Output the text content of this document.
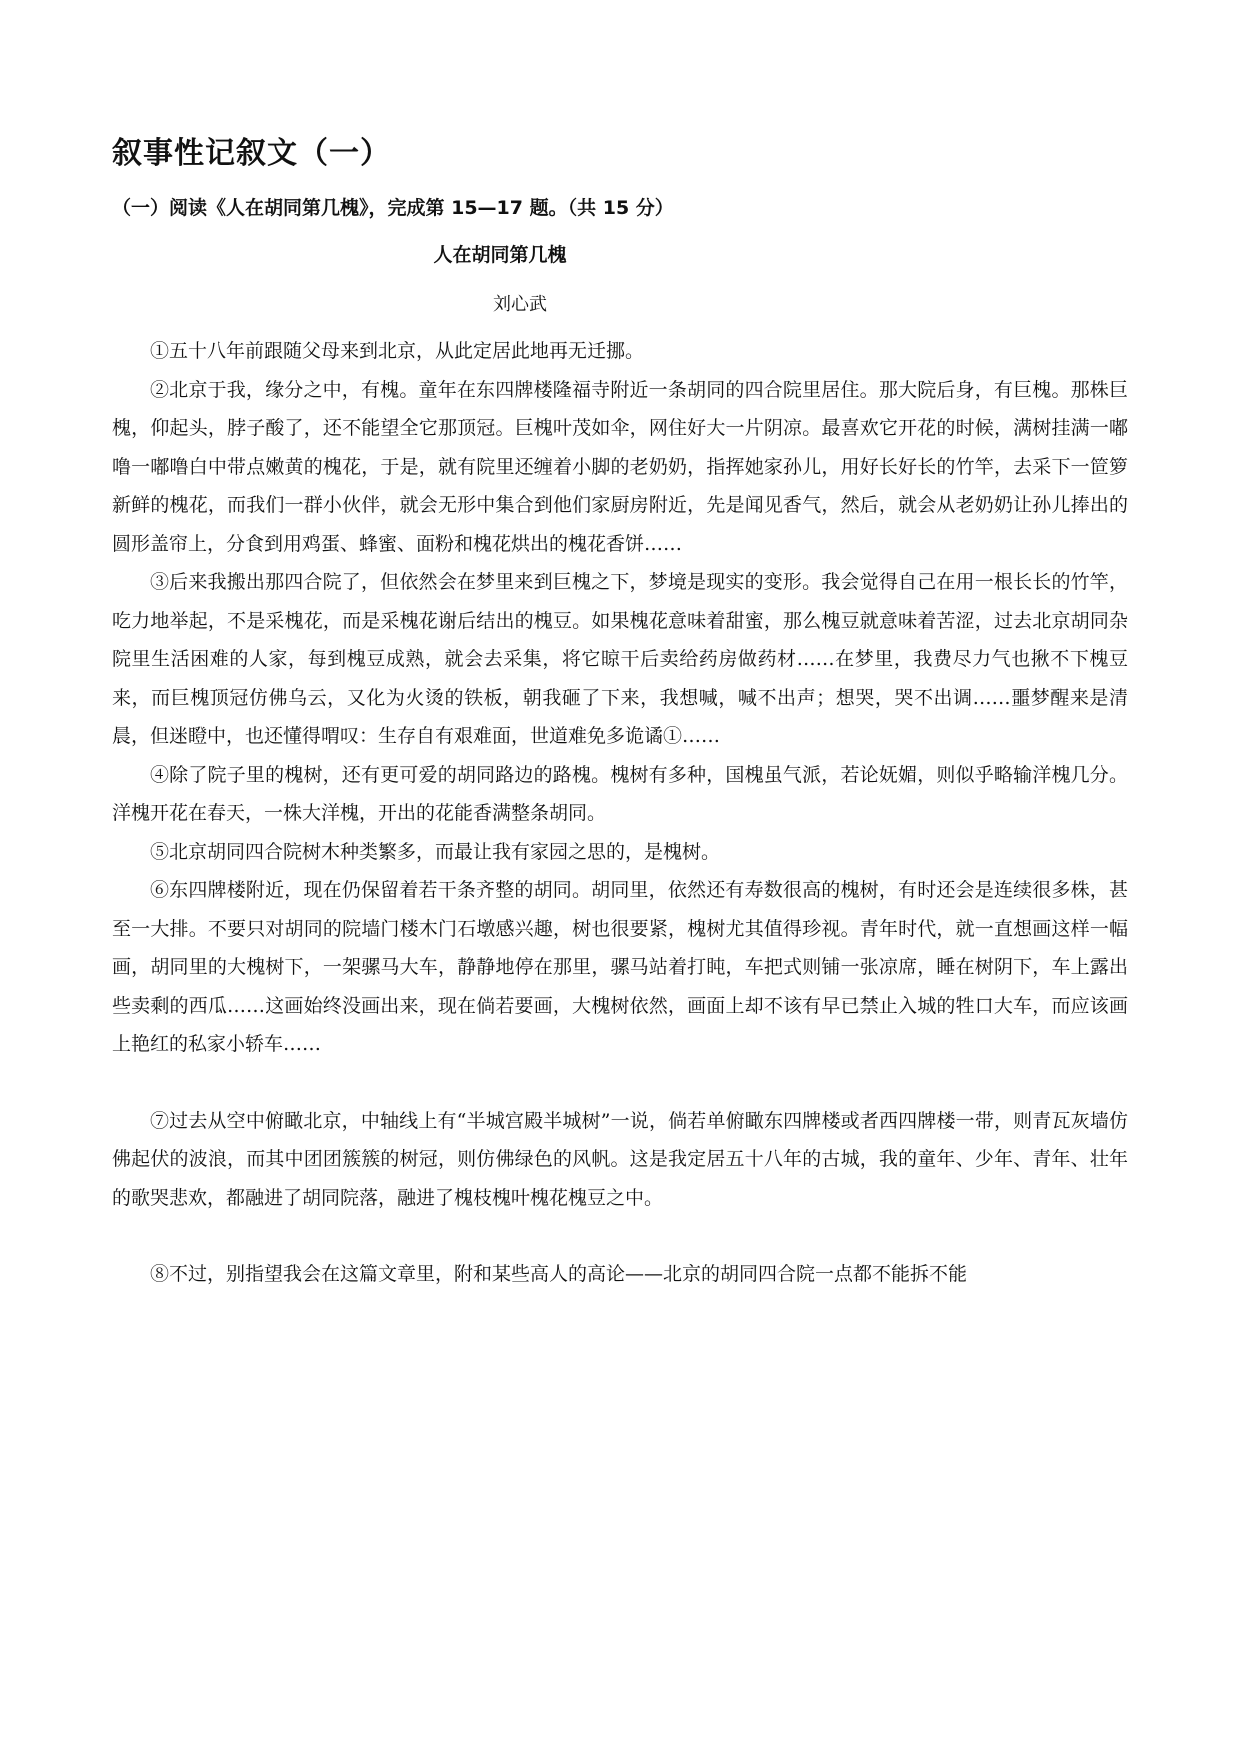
叙事性记叙文（一）
（一）阅读《人在胡同第几槐》，完成第 15—17 题。（共 15 分）
人在胡同第几槐
刘心武

①五十八年前跟随父母来到北京，从此定居此地再无迁挪。

②北京于我，缘分之中，有槐。童年在东四牌楼隆福寺附近一条胡同的四合院里居住。那大院后身，有巨槐。那株巨槐，仰起头，脖子酸了，还不能望全它那顶冠。巨槐叶茂如伞，网住好大一片阴凉。最喜欢它开花的时候，满树挂满一嘟噜一嘟噜白中带点嫩黄的槐花，于是，就有院里还缠着小脚的老奶奶，指挥她家孙儿，用好长好长的竹竿，去采下一笸箩新鲜的槐花，而我们一群小伙伴，就会无形中集合到他们家厨房附近，先是闻见香气，然后，就会从老奶奶让孙儿捧出的圆形盖帘上，分食到用鸡蛋、蜂蜜、面粉和槐花烘出的槐花香饼……

③后来我搬出那四合院了，但依然会在梦里来到巨槐之下，梦境是现实的变形。我会觉得自己在用一根长长的竹竿，吃力地举起，不是采槐花，而是采槐花谢后结出的槐豆。如果槐花意味着甜蜜，那么槐豆就意味着苦涩，过去北京胡同杂院里生活困难的人家，每到槐豆成熟，就会去采集，将它晾干后卖给药房做药材……在梦里，我费尽力气也揪不下槐豆来，而巨槐顶冠仿佛乌云，又化为火烫的铁板，朝我砸了下来，我想喊，喊不出声；想哭，哭不出调……噩梦醒来是清晨，但迷瞪中，也还懂得喟叹：生存自有艰难面，世道难免多诡谲①……

④除了院子里的槐树，还有更可爱的胡同路边的路槐。槐树有多种，国槐虽气派，若论妩媚，则似乎略输洋槐几分。洋槐开花在春天，一株大洋槐，开出的花能香满整条胡同。

⑤北京胡同四合院树木种类繁多，而最让我有家园之思的，是槐树。

⑥东四牌楼附近，现在仍保留着若干条齐整的胡同。胡同里，依然还有寿数很高的槐树，有时还会是连续很多株，甚至一大排。不要只对胡同的院墙门楼木门石墩感兴趣，树也很要紧，槐树尤其值得珍视。青年时代，就一直想画这样一幅画，胡同里的大槐树下，一架骡马大车，静静地停在那里，骡马站着打盹，车把式则铺一张凉席，睡在树阴下，车上露出些卖剩的西瓜……这画始终没画出来，现在倘若要画，大槐树依然，画面上却不该有早已禁止入城的牲口大车，而应该画上艳红的私家小轿车……

⑦过去从空中俯瞰北京，中轴线上有“半城宫殿半城树”一说，倘若单俯瞰东四牌楼或者西四牌楼一带，则青瓦灰墙仿佛起伏的波浪，而其中团团簇簇的树冠，则仿佛绿色的风帆。这是我定居五十八年的古城，我的童年、少年、青年、壮年的歌哭悲欢，都融进了胡同院落，融进了槐枝槐叶槐花槐豆之中。

⑧不过，别指望我会在这篇文章里，附和某些高人的高论——北京的胡同四合院一点都不能拆不能
